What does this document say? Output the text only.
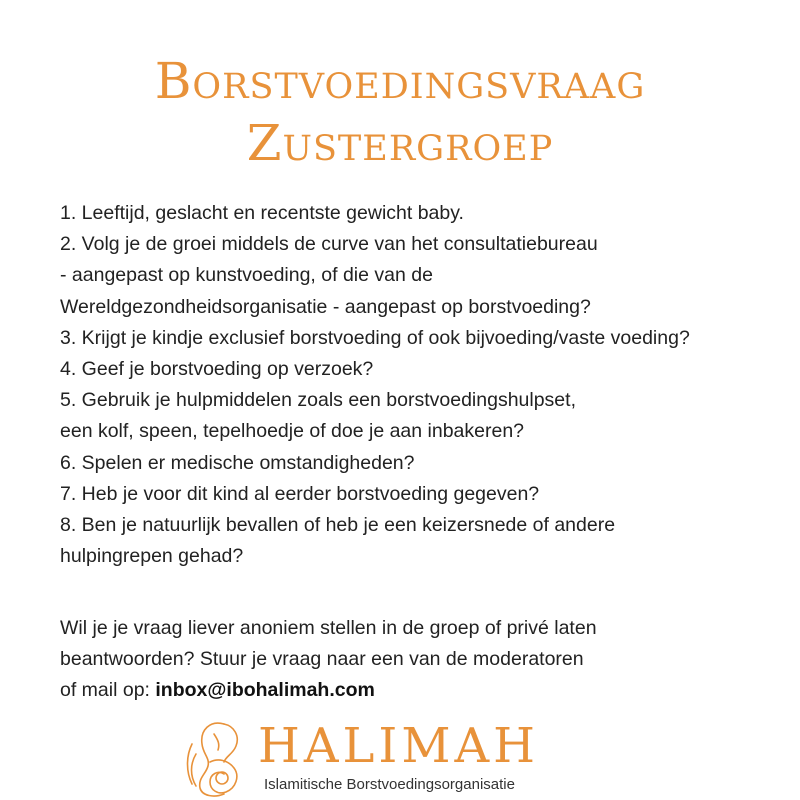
Borstvoedingsvraag
Zustergroep
1. Leeftijd, geslacht en recentste gewicht baby.
2. Volg je de groei middels de curve van het consultatiebureau
- aangepast op kunstvoeding, of die van de
Wereldgezondheidsorganisatie - aangepast op borstvoeding?
3. Krijgt je kindje exclusief borstvoeding of ook bijvoeding/vaste voeding?
4. Geef je borstvoeding op verzoek?
5. Gebruik je hulpmiddelen zoals een borstvoedingshulpset,
een kolf, speen, tepelhoedje of doe je aan inbakeren?
6. Spelen er medische omstandigheden?
7. Heb je voor dit kind al eerder borstvoeding gegeven?
8. Ben je natuurlijk bevallen of heb je een keizersnede of andere
hulpingrepen gehad?
Wil je je vraag liever anoniem stellen in de groep of privé laten
beantwoorden? Stuur je vraag naar een van de moderatoren
of mail op: inbox@ibohalimah.com
HALIMAH
Islamitische Borstvoedingsorganisatie
